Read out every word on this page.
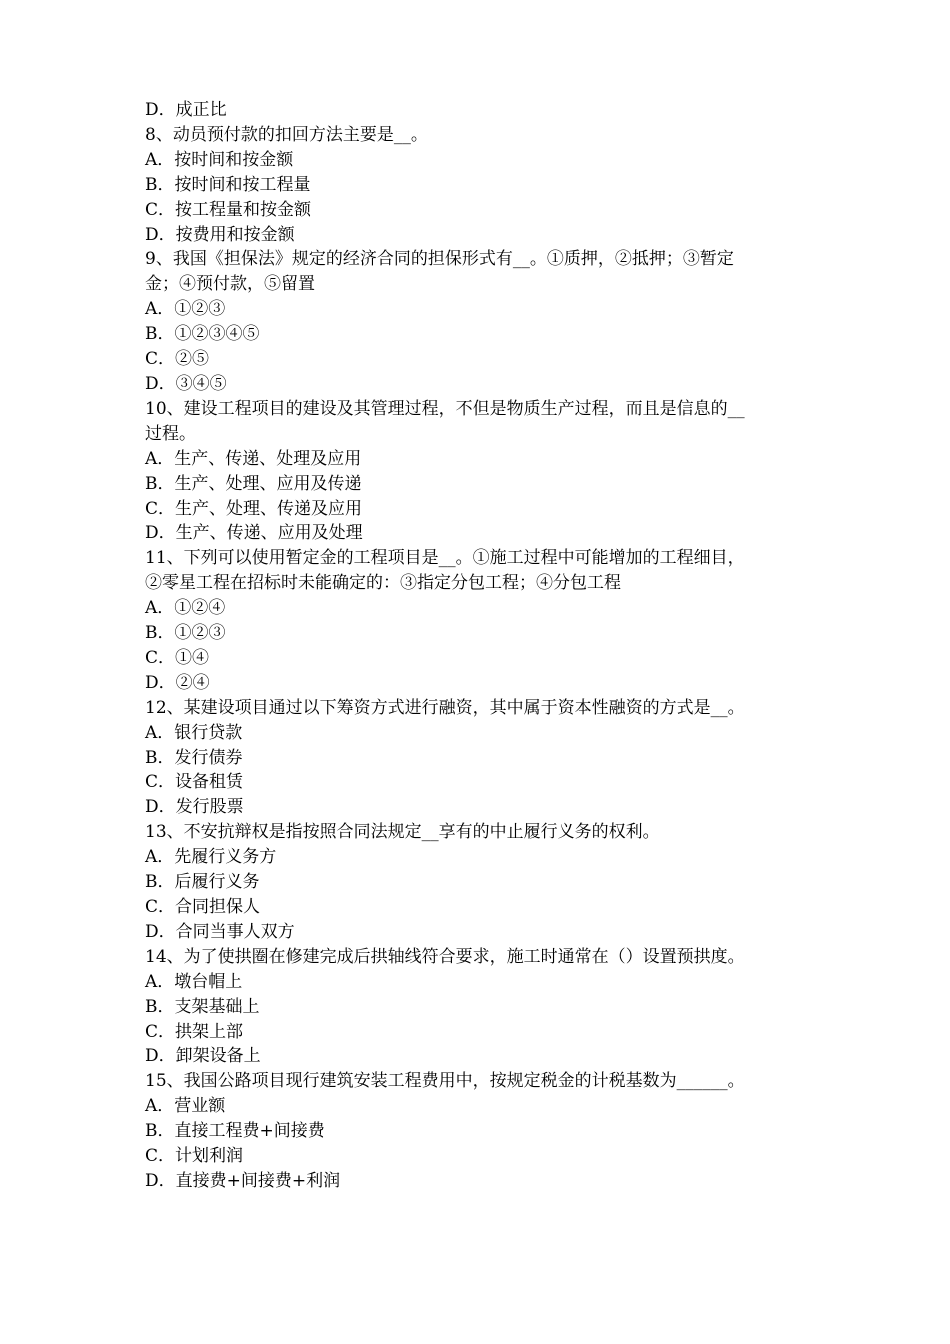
D．成正比
8、动员预付款的扣回方法主要是__。
A．按时间和按金额
B．按时间和按工程量
C．按工程量和按金额
D．按费用和按金额
9、我国《担保法》规定的经济合同的担保形式有__。①质押，②抵押；③暂定
金；④预付款，⑤留置
A．①②③
B．①②③④⑤
C．②⑤
D．③④⑤
10、建设工程项目的建设及其管理过程，不但是物质生产过程，而且是信息的__
过程。
A．生产、传递、处理及应用
B．生产、处理、应用及传递
C．生产、处理、传递及应用
D．生产、传递、应用及处理
11、下列可以使用暂定金的工程项目是__。①施工过程中可能增加的工程细目，
②零星工程在招标时未能确定的：③指定分包工程；④分包工程
A．①②④
B．①②③
C．①④
D．②④
12、某建设项目通过以下筹资方式进行融资，其中属于资本性融资的方式是__。
A．银行贷款
B．发行债券
C．设备租赁
D．发行股票
13、不安抗辩权是指按照合同法规定__享有的中止履行义务的权利。
A．先履行义务方
B．后履行义务
C．合同担保人
D．合同当事人双方
14、为了使拱圈在修建完成后拱轴线符合要求，施工时通常在（）设置预拱度。
A．墩台帽上
B．支架基础上
C．拱架上部
D．卸架设备上
15、我国公路项目现行建筑安装工程费用中，按规定税金的计税基数为______。
A．营业额
B．直接工程费+间接费
C．计划利润
D．直接费+间接费+利润
